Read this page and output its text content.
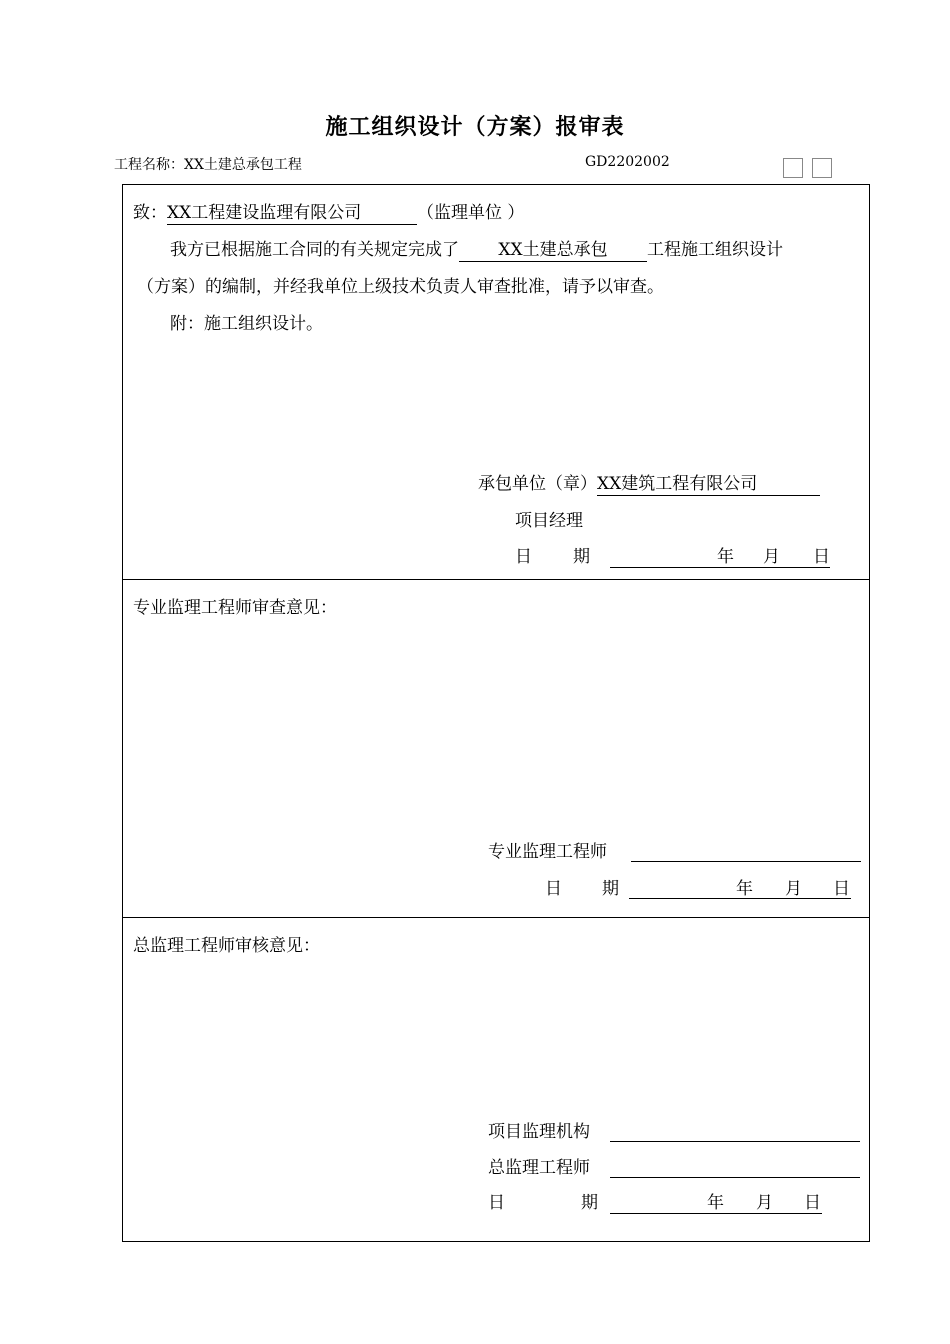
施工组织设计（方案）报审表
工程名称：XX土建总承包工程	GD2202002
致：XX工程建设监理有限公司	（监理单位 ）
我方已根据施工合同的有关规定完成了 XX土建总承包 工程施工组织设计
（方案）的编制，并经我单位上级技术负责人审查批准，请予以审查。
附：施工组织设计。
承包单位（章）XX建筑工程有限公司
项目经理
日 期	年 月 日
专业监理工程师审查意见：
专业监理工程师
日 期	年 月 日
总监理工程师审核意见：
项目监理机构
总监理工程师
日	期	年 月 日
